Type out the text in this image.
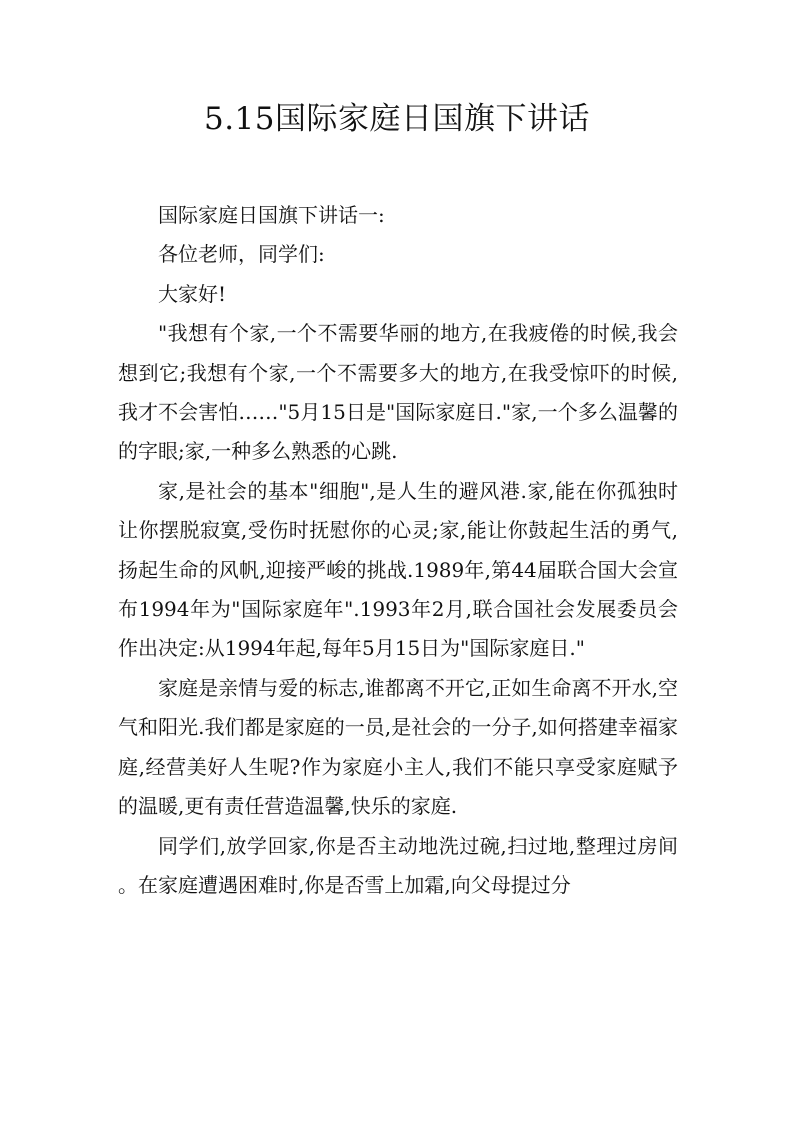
5.15国际家庭日国旗下讲话

国际家庭日国旗下讲话一:

各位老师，同学们:

大家好!

"我想有个家,一个不需要华丽的地方,在我疲倦的时候,我会想到它;我想有个家,一个不需要多大的地方,在我受惊吓的时候,我才不会害怕……"5月15日是"国际家庭日."家,一个多么温馨的的字眼;家,一种多么熟悉的心跳.

家,是社会的基本"细胞",是人生的避风港.家,能在你孤独时让你摆脱寂寞,受伤时抚慰你的心灵;家,能让你鼓起生活的勇气,扬起生命的风帆,迎接严峻的挑战.1989年,第44届联合国大会宣布1994年为"国际家庭年".1993年2月,联合国社会发展委员会作出决定:从1994年起,每年5月15日为"国际家庭日."

家庭是亲情与爱的标志,谁都离不开它,正如生命离不开水,空气和阳光.我们都是家庭的一员,是社会的一分子,如何搭建幸福家庭,经营美好人生呢?作为家庭小主人,我们不能只享受家庭赋予的温暖,更有责任营造温馨,快乐的家庭.

同学们,放学回家,你是否主动地洗过碗,扫过地,整理过房间 。在家庭遭遇困难时,你是否雪上加霜,向父母提过分
